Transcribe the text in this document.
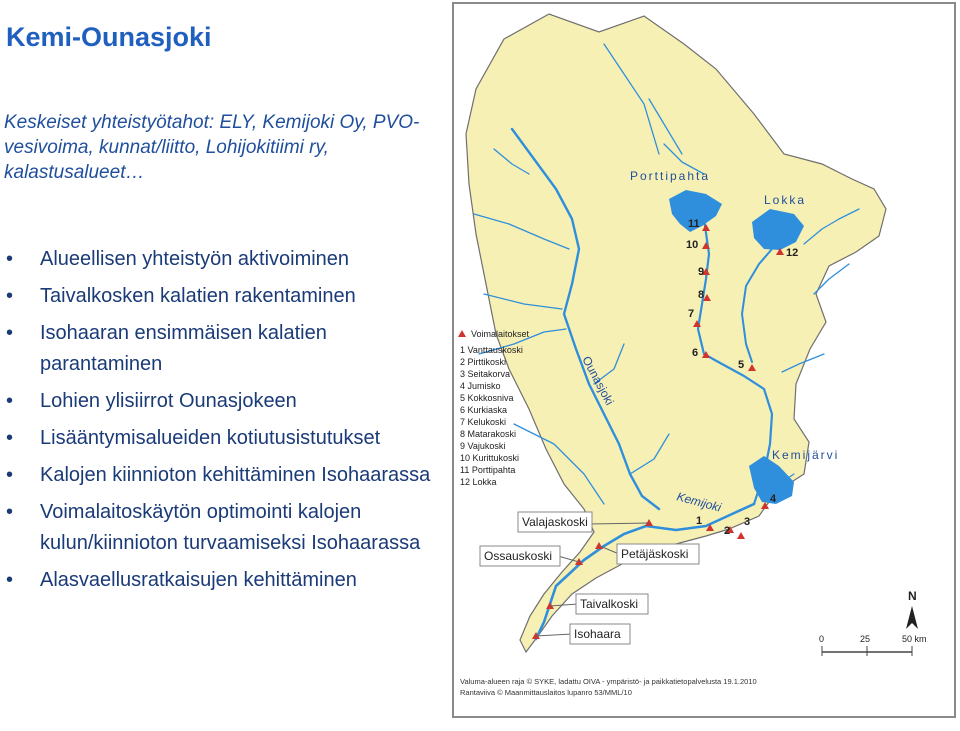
Kemi-Ounasjoki
Keskeiset yhteistyötahot: ELY, Kemijoki Oy, PVO-vesivoima, kunnat/liitto, Lohijokitiimi ry, kalastusalueet…
• Alueellisen yhteistyön aktivoiminen
• Taivalkosken kalatien rakentaminen
• Isohaaran ensimmäisen kalatien parantaminen
• Lohien ylisiirrot Ounasjokeen
• Lisääntymisalueiden kotiutusistutukset
• Kalojen kiinnioton kehittäminen Isohaarassa
• Voimalaitoskäytön optimointi kalojen kulun/kiinnioton turvaamiseksi Isohaarassa
• Alasvaellusratkaisujen kehittäminen
Porttipahta
Lokka
Kemijärvi
Ounasjoki
Kemijoki
11
10
9
8
7
6
5
12
1
2
3
4
Voimalaitokset
1 Vanttauskoski
2 Pirttikoski
3 Seitakorva
4 Jumisko
5 Kokkosniva
6 Kurkiaska
7 Kelukoski
8 Matarakoski
9 Vajukoski
10 Kurittukoski
11 Porttipahta
12 Lokka
Valajaskoski
Ossauskoski	Petäjäskoski
Taivalkoski
Isohaara
N
0	25	50 km
Valuma-alueen raja © SYKE, ladattu OIVA - ympäristö- ja paikkatietopalvelusta 19.1.2010
Rantaviiva © Maanmittauslaitos lupanro 53/MML/10
